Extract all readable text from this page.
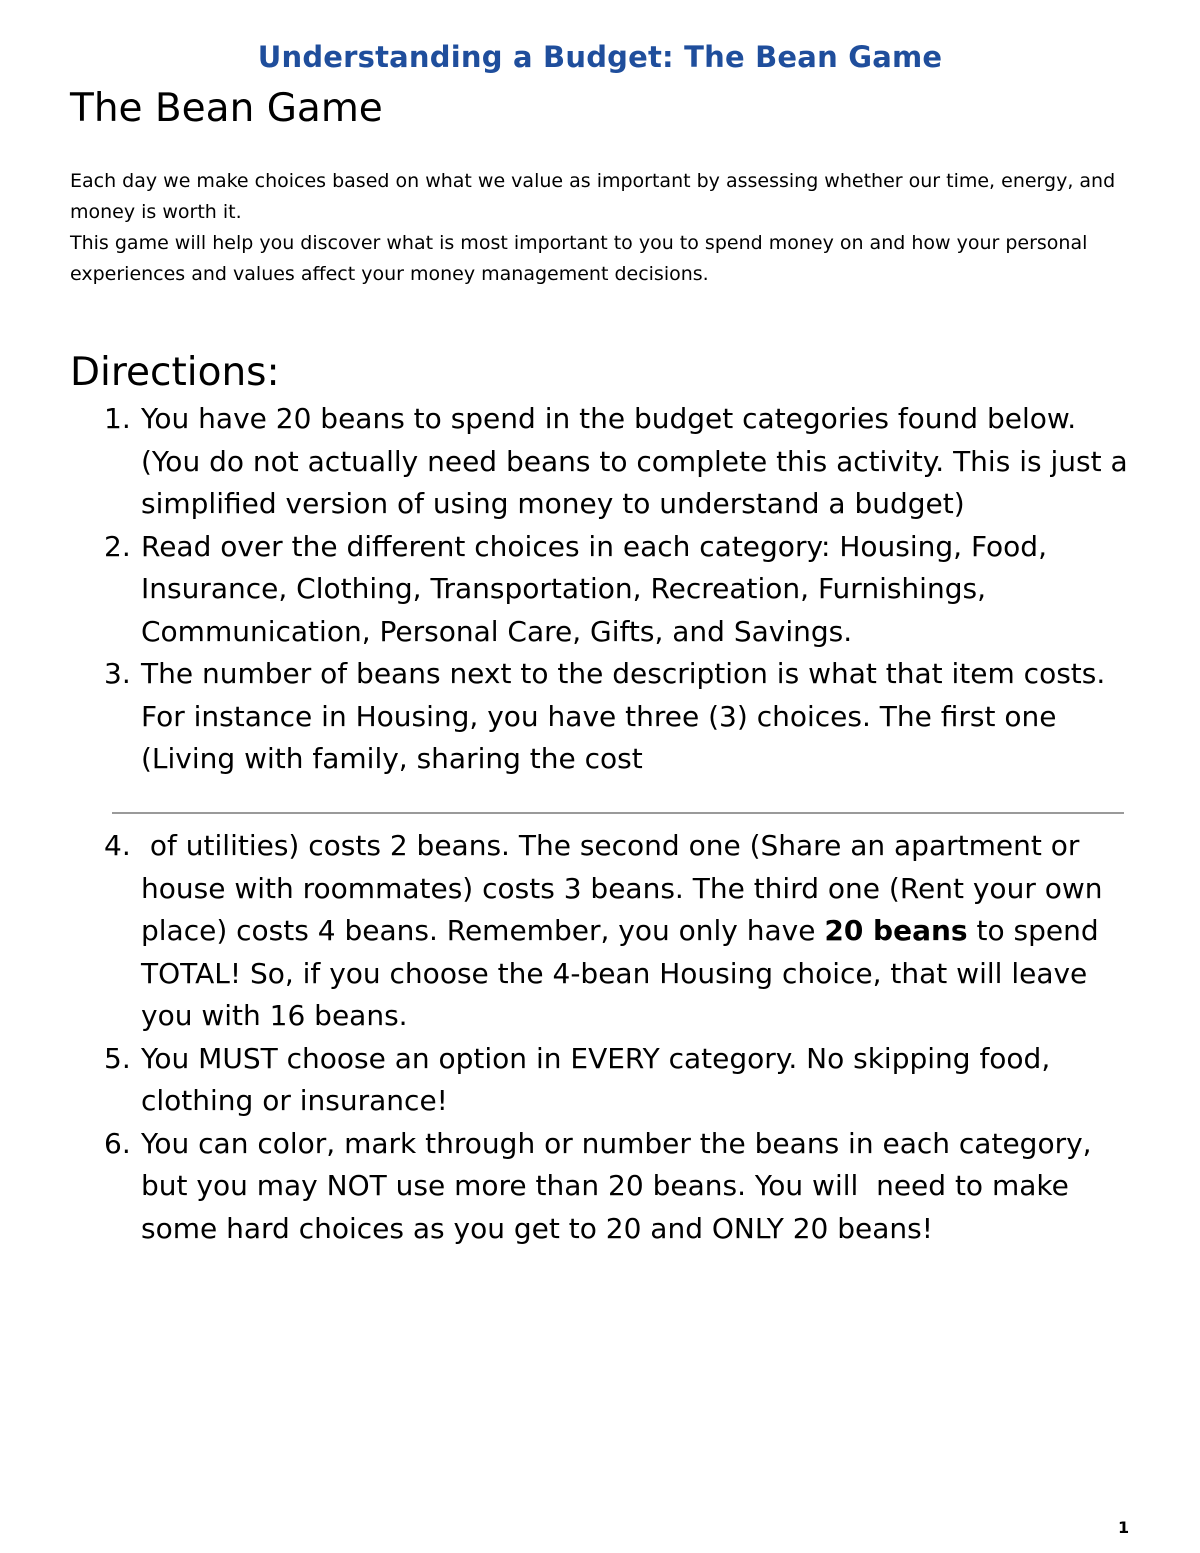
Understanding a Budget: The Bean Game
The Bean Game

Each day we make choices based on what we value as important by assessing whether our time, energy, and money is worth it.

This game will help you discover what is most important to you to spend money on and how your personal experiences and values affect your money management decisions.

Directions:
1. You have 20 beans to spend in the budget categories found below. (You do not actually need beans to complete this activity. This is just a simplified version of using money to understand a budget)
2. Read over the different choices in each category: Housing, Food, Insurance, Clothing, Transportation, Recreation, Furnishings, Communication, Personal Care, Gifts, and Savings.
3. The number of beans next to the description is what that item costs. For instance in Housing, you have three (3) choices. The first one (Living with family, sharing the cost
4. of utilities) costs 2 beans. The second one (Share an apartment or house with roommates) costs 3 beans. The third one (Rent your own place) costs 4 beans. Remember, you only have 20 beans to spend TOTAL! So, if you choose the 4-bean Housing choice, that will leave you with 16 beans.
5. You MUST choose an option in EVERY category. No skipping food, clothing or insurance!
6. You can color, mark through or number the beans in each category, but you may NOT use more than 20 beans. You will  need to make some hard choices as you get to 20 and ONLY 20 beans!
1
